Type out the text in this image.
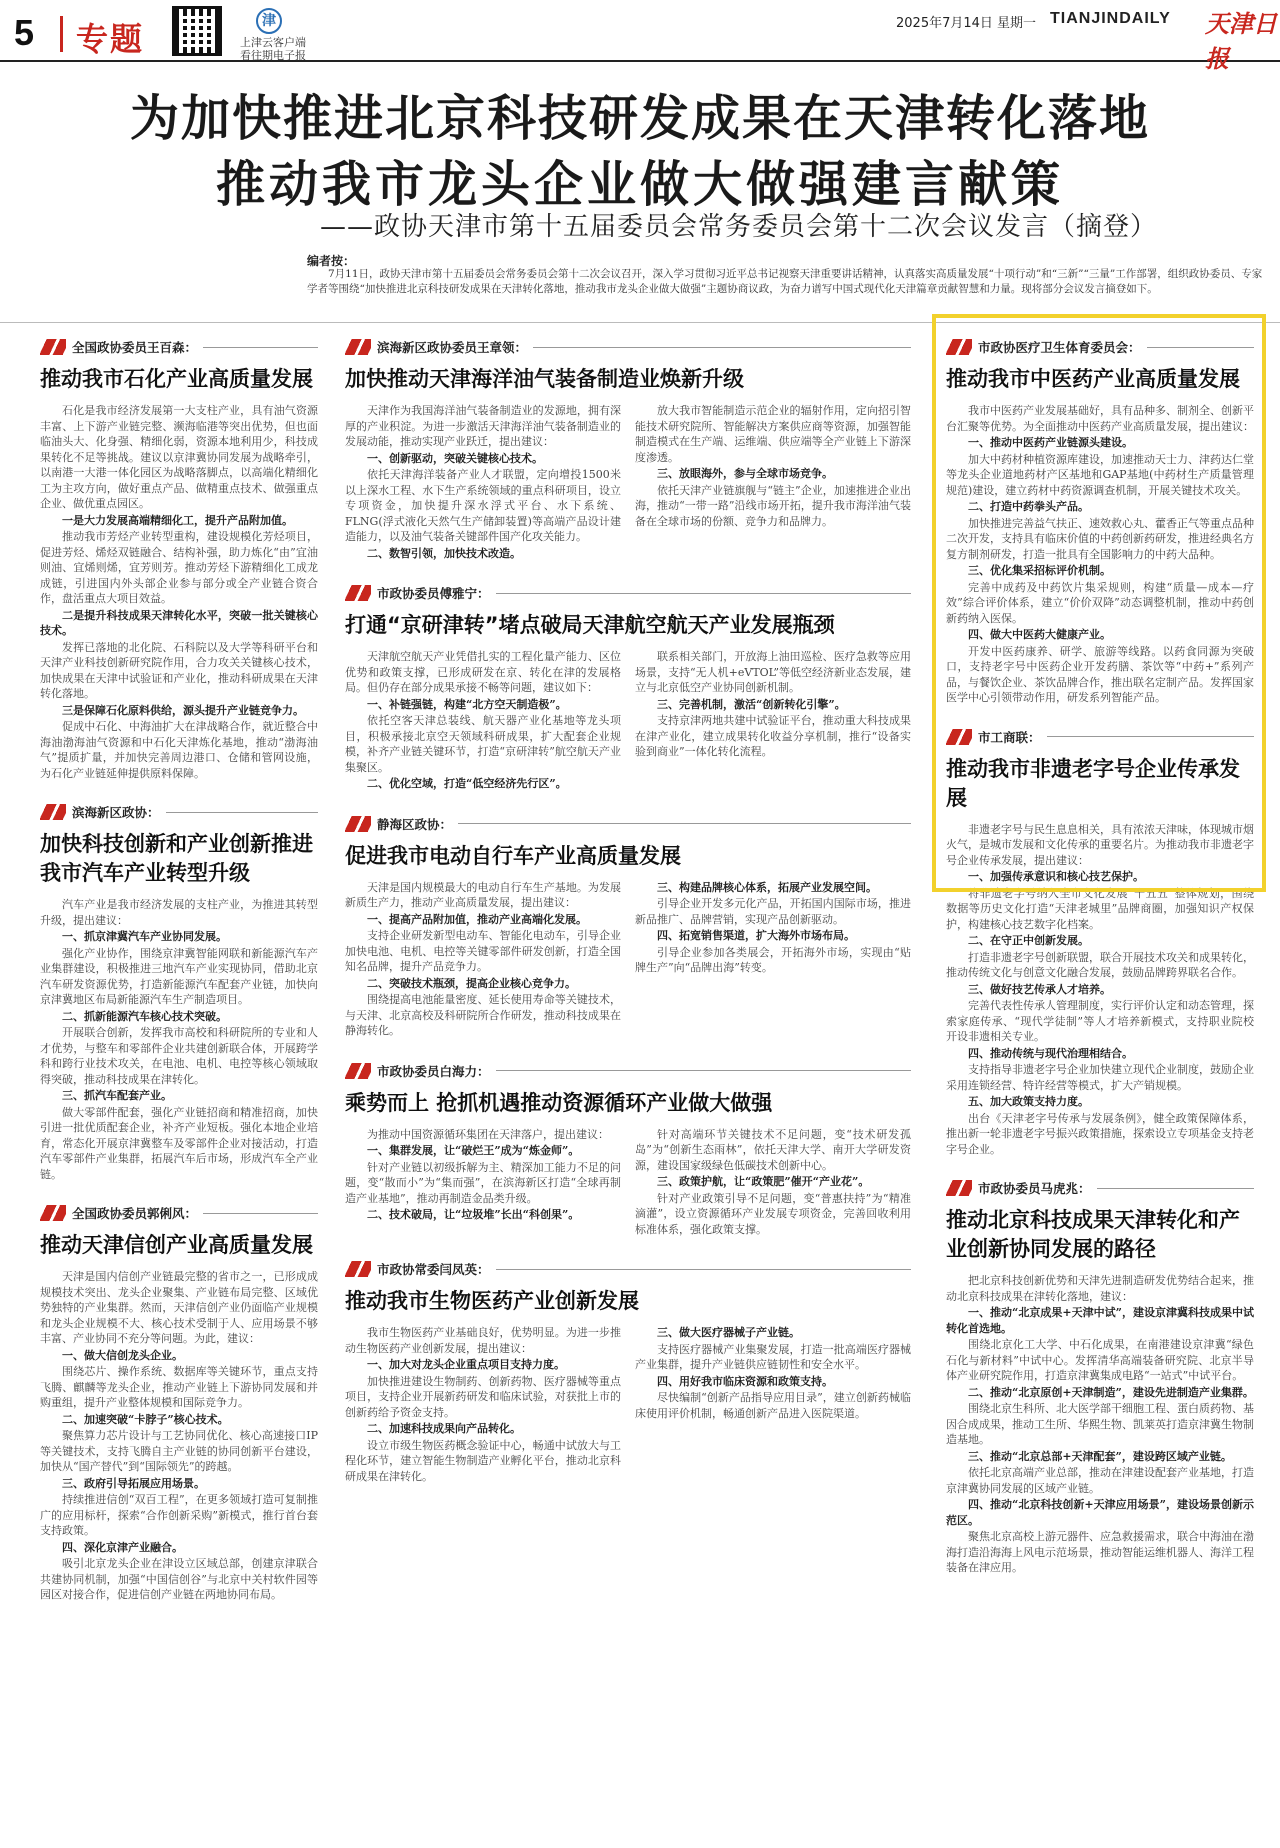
5 专题	津
上津云客户端
看往期电子报
2025年7月14日 星期一 TIANJINDAILY 天津日报
为加快推进北京科技研发成果在天津转化落地
推动我市龙头企业做大做强建言献策
——政协天津市第十五届委员会常务委员会第十二次会议发言（摘登）
编者按：
7月11日，政协天津市第十五届委员会常务委员会第十二次会议召开，深入学习贯彻习近平总书记视察天津重要讲话精神，认真落实高质量发展“十项行动”和“三新”“三量”工作部署，组织政协委员、专家学者等围绕“加快推进北京科技研发成果在天津转化落地，推动我市龙头企业做大做强”主题协商议政，为奋力谱写中国式现代化天津篇章贡献智慧和力量。现将部分会议发言摘登如下。
全国政协委员王百森：
推动我市石化产业高质量发展

石化是我市经济发展第一大支柱产业，具有油气资源丰富、上下游产业链完整、濒海临港等突出优势，但也面临油头大、化身强、精细化弱，资源本地利用少，科技成果转化不足等挑战。建议以京津冀协同发展为战略牵引，以南港一大港一体化园区为战略落脚点，以高端化精细化工为主攻方向，做好重点产品、做精重点技术、做强重点企业、做优重点园区。

一是大力发展高端精细化工，提升产品附加值。

推动我市芳烃产业转型重构，建设规模化芳烃项目，促进芳烃、烯烃双链融合、结构补强，助力炼化“由”宜油则油、宜烯则烯，宜芳则芳。推动芳烃下游精细化工成龙成链，引进国内外头部企业参与部分或全产业链合资合作，盘活重点大项目效益。

二是提升科技成果天津转化水平，突破一批关键核心技术。

发挥已落地的北化院、石科院以及大学等科研平台和天津产业科技创新研究院作用，合力攻关关键核心技术，加快成果在天津中试验证和产业化，推动科研成果在天津转化落地。

三是保障石化原料供给，源头提升产业链竞争力。

促成中石化、中海油扩大在津战略合作，就近整合中海油渤海油气资源和中石化天津炼化基地，推动“渤海油气”提质扩量，并加快完善周边港口、仓储和管网设施，为石化产业链延伸提供原料保障。

滨海新区政协：
加快科技创新和产业创新推进我市汽车产业转型升级

汽车产业是我市经济发展的支柱产业，为推进其转型升级，提出建议：

一、抓京津冀汽车产业协同发展。

强化产业协作，围绕京津冀智能网联和新能源汽车产业集群建设，积极推进三地汽车产业实现协同，借助北京汽车研发资源优势，打造新能源汽车配套产业链，加快向京津冀地区布局新能源汽车生产制造项目。

二、抓新能源汽车核心技术突破。

开展联合创新，发挥我市高校和科研院所的专业和人才优势，与整车和零部件企业共建创新联合体，开展跨学科和跨行业技术攻关，在电池、电机、电控等核心领域取得突破，推动科技成果在津转化。

三、抓汽车配套产业。

做大零部件配套，强化产业链招商和精准招商，加快引进一批优质配套企业，补齐产业短板。强化本地企业培育，常态化开展京津冀整车及零部件企业对接活动，打造汽车零部件产业集群，拓展汽车后市场，形成汽车全产业链。

全国政协委员郭俐风：
推动天津信创产业高质量发展

天津是国内信创产业链最完整的省市之一，已形成成规模技术突出、龙头企业聚集、产业链布局完整、区域优势独特的产业集群。然而，天津信创产业仍面临产业规模和龙头企业规模不大、核心技术受制于人、应用场景不够丰富、产业协同不充分等问题。为此，建议：

一、做大信创龙头企业。

围绕芯片、操作系统、数据库等关键环节，重点支持飞腾、麒麟等龙头企业，推动产业链上下游协同发展和并购重组，提升产业整体规模和国际竞争力。

二、加速突破“卡脖子”核心技术。

聚焦算力芯片设计与工艺协同优化、核心高速接口IP等关键技术，支持飞腾自主产业链的协同创新平台建设，加快从“国产替代”到“国际领先”的跨越。

三、政府引导拓展应用场景。

持续推进信创“双百工程”，在更多领域打造可复制推广的应用标杆，探索“合作创新采购”新模式，推行首台套支持政策。

四、深化京津产业融合。

吸引北京龙头企业在津设立区域总部，创建京津联合共建协同机制，加强“中国信创谷”与北京中关村软件园等园区对接合作，促进信创产业链在两地协同布局。

滨海新区政协委员王章领：
加快推动天津海洋油气装备制造业焕新升级

天津作为我国海洋油气装备制造业的发源地，拥有深厚的产业积淀。为进一步激活天津海洋油气装备制造业的发展动能，推动实现产业跃迁，提出建议：

一、创新驱动，突破关键核心技术。

依托天津海洋装备产业人才联盟，定向增投1500米以上深水工程、水下生产系统领域的重点科研项目，设立专项资金，加快提升深水浮式平台、水下系统、FLNG(浮式液化天然气生产储卸装置)等高端产品设计建造能力，以及油气装备关键部件国产化攻关能力。

二、数智引领，加快技术改造。

放大我市智能制造示范企业的辐射作用，定向招引智能技术研究院所、智能解决方案供应商等资源，加强智能制造模式在生产端、运维端、供应端等全产业链上下游深度渗透。

三、放眼海外，参与全球市场竞争。

依托天津产业链旗舰与“链主”企业，加速推进企业出海，推动“一带一路”沿线市场开拓，提升我市海洋油气装备在全球市场的份额、竞争力和品牌力。

市政协委员傅雅宁：
打通“京研津转”堵点破局天津航空航天产业发展瓶颈

天津航空航天产业凭借扎实的工程化量产能力、区位优势和政策支撑，已形成研发在京、转化在津的发展格局。但仍存在部分成果承接不畅等问题，建议如下：

一、补链强链，构建“北方空天制造极”。

依托空客天津总装线、航天器产业化基地等龙头项目，积极承接北京空天领域科研成果，扩大配套企业规模，补齐产业链关键环节，打造“京研津转”航空航天产业集聚区。

二、优化空域，打造“低空经济先行区”。

联系相关部门，开放海上油田巡检、医疗急救等应用场景，支持“无人机+eVTOL”等低空经济新业态发展，建立与北京低空产业协同创新机制。

三、完善机制，激活“创新转化引擎”。

支持京津两地共建中试验证平台，推动重大科技成果在津产业化，建立成果转化收益分享机制，推行“设备实验到商业”一体化转化流程。

静海区政协：
促进我市电动自行车产业高质量发展

天津是国内规模最大的电动自行车生产基地。为发展新质生产力，推动产业高质量发展，提出建议：

一、提高产品附加值，推动产业高端化发展。

支持企业研发新型电动车、智能化电动车，引导企业加快电池、电机、电控等关键零部件研发创新，打造全国知名品牌，提升产品竞争力。

二、突破技术瓶颈，提高企业核心竞争力。

围绕提高电池能量密度、延长使用寿命等关键技术，与天津、北京高校及科研院所合作研发，推动科技成果在静海转化。

三、构建品牌核心体系，拓展产业发展空间。

引导企业开发多元化产品，开拓国内国际市场，推进新品推广、品牌营销，实现产品创新驱动。

四、拓宽销售渠道，扩大海外市场布局。

引导企业参加各类展会，开拓海外市场，实现由“贴牌生产”向“品牌出海”转变。

市政协委员白海力：
乘势而上 抢抓机遇推动资源循环产业做大做强

为推动中国资源循环集团在天津落户，提出建议：

一、集群发展，让“破烂王”成为“炼金师”。

针对产业链以初级拆解为主、精深加工能力不足的问题，变“散而小”为“集而强”，在滨海新区打造“全球再制造产业基地”，推动再制造金品类升级。

二、技术破局，让“垃圾堆”长出“科创果”。

针对高端环节关键技术不足问题，变“技术研发孤岛”为“创新生态雨林”，依托天津大学、南开大学研发资源，建设国家级绿色低碳技术创新中心。

三、政策护航，让“政策肥”催开“产业花”。

针对产业政策引导不足问题，变“普惠扶持”为“精准滴灌”，设立资源循环产业发展专项资金，完善回收利用标准体系，强化政策支撑。

市政协常委闫凤英：
推动我市生物医药产业创新发展

我市生物医药产业基础良好，优势明显。为进一步推动生物医药产业创新发展，提出建议：

一、加大对龙头企业重点项目支持力度。

加快推进建设生物制药、创新药物、医疗器械等重点项目，支持企业开展新药研发和临床试验，对获批上市的创新药给予资金支持。

二、加速科技成果向产品转化。

设立市级生物医药概念验证中心，畅通中试放大与工程化环节，建立智能生物制造产业孵化平台，推动北京科研成果在津转化。

三、做大医疗器械子产业链。

支持医疗器械产业集聚发展，打造一批高端医疗器械产业集群，提升产业链供应链韧性和安全水平。

四、用好我市临床资源和政策支持。

尽快编制“创新产品指导应用目录”，建立创新药械临床使用评价机制，畅通创新产品进入医院渠道。

市政协医疗卫生体育委员会：
推动我市中医药产业高质量发展

我市中医药产业发展基础好，具有品种多、制剂全、创新平台汇聚等优势。为全面推动中医药产业高质量发展，提出建议：

一、推动中医药产业链源头建设。

加大中药材种植资源库建设，加速推动天士力、津药达仁堂等龙头企业道地药材产区基地和GAP基地(中药材生产质量管理规范)建设，建立药材中药资源调查机制，开展关键技术攻关。

二、打造中药拳头产品。

加快推进完善益气扶正、速效救心丸、藿香正气等重点品种二次开发，支持具有临床价值的中药创新药研发，推进经典名方复方制剂研发，打造一批具有全国影响力的中药大品种。

三、优化集采招标评价机制。

完善中成药及中药饮片集采规则，构建“质量—成本—疗效”综合评价体系，建立“价价双降”动态调整机制，推动中药创新药纳入医保。

四、做大中医药大健康产业。

开发中医药康养、研学、旅游等线路。以药食同源为突破口，支持老字号中医药企业开发药膳、茶饮等“中药+”系列产品，与餐饮企业、茶饮品牌合作，推出联名定制产品。发挥国家医学中心引领带动作用，研发系列智能产品。

市工商联：
推动我市非遗老字号企业传承发展

非遗老字号与民生息息相关，具有浓浓天津味，体现城市烟火气，是城市发展和文化传承的重要名片。为推动我市非遗老字号企业传承发展，提出建议：

一、加强传承意识和核心技艺保护。

将非遗老字号纳入全市文化发展“十五五”整体规划，围绕数据等历史文化打造“天津老城里”品牌商圈，加强知识产权保护，构建核心技艺数字化档案。

二、在守正中创新发展。

打造非遗老字号创新联盟，联合开展技术攻关和成果转化，推动传统文化与创意文化融合发展，鼓励品牌跨界联名合作。

三、做好技艺传承人才培养。

完善代表性传承人管理制度，实行评价认定和动态管理，探索家庭传承、“现代学徒制”等人才培养新模式，支持职业院校开设非遗相关专业。

四、推动传统与现代治理相结合。

支持指导非遗老字号企业加快建立现代企业制度，鼓励企业采用连锁经营、特许经营等模式，扩大产销规模。

五、加大政策支持力度。

出台《天津老字号传承与发展条例》，健全政策保障体系，推出新一轮非遗老字号振兴政策措施，探索设立专项基金支持老字号企业。

市政协委员马虎兆：
推动北京科技成果天津转化和产业创新协同发展的路径

把北京科技创新优势和天津先进制造研发优势结合起来，推动北京科技成果在津转化落地，建议：

一、推动“北京成果+天津中试”，建设京津冀科技成果中试转化首选地。

围绕北京化工大学、中石化成果，在南港建设京津冀“绿色石化与新材料”中试中心。发挥清华高端装备研究院、北京半导体产业研究院作用，打造京津冀集成电路“一站式”中试平台。

二、推动“北京原创+天津制造”，建设先进制造产业集群。

围绕北京生科所、北大医学部干细胞工程、蛋白质药物、基因合成成果，推动工生所、华熙生物、凯莱英打造京津冀生物制造基地。

三、推动“北京总部+天津配套”，建设跨区域产业链。

依托北京高端产业总部，推动在津建设配套产业基地，打造京津冀协同发展的区域产业链。

四、推动“北京科技创新+天津应用场景”，建设场景创新示范区。

聚焦北京高校上游元器件、应急救援需求，联合中海油在渤海打造沿海海上风电示范场景，推动智能运维机器人、海洋工程装备在津应用。
